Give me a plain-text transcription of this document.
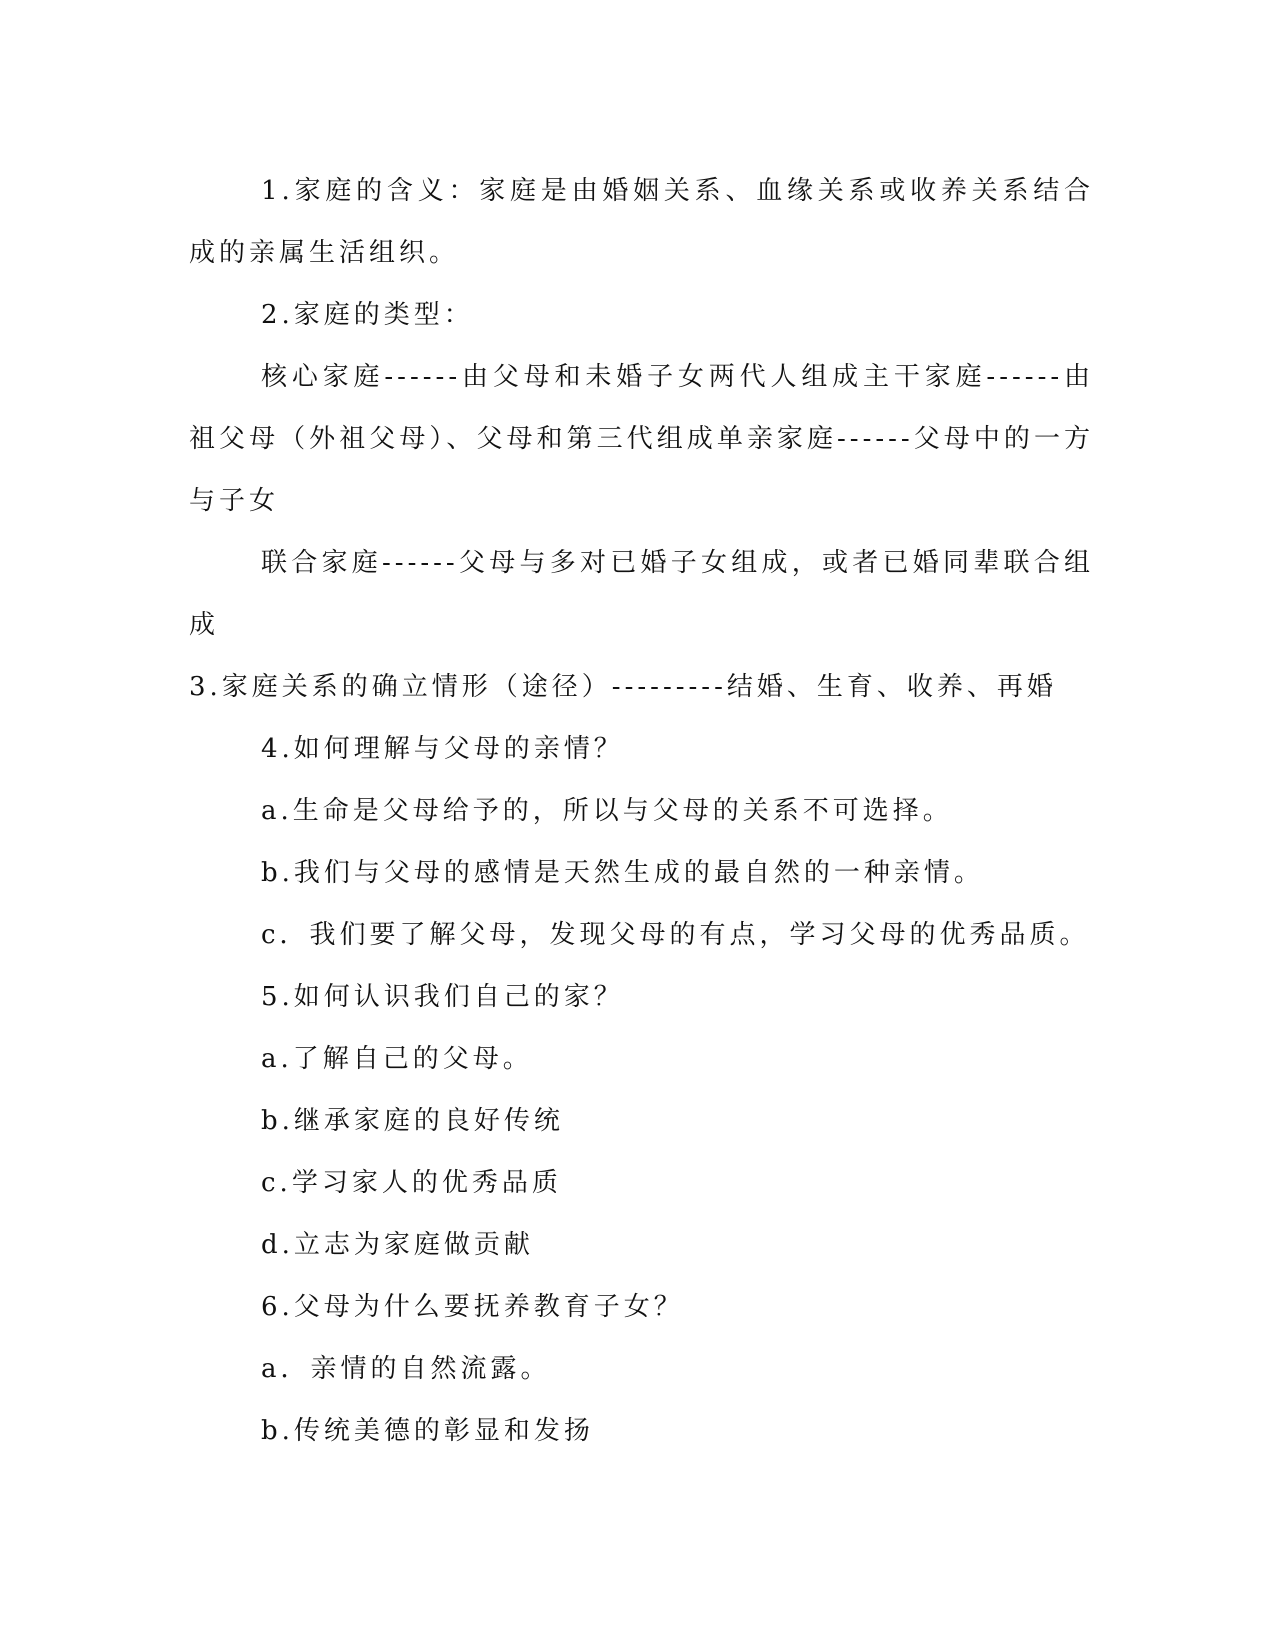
1.家庭的含义：家庭是由婚姻关系、血缘关系或收养关系结合成的亲属生活组织。

2.家庭的类型：

核心家庭------由父母和未婚子女两代人组成主干家庭------由祖父母（外祖父母）、父母和第三代组成单亲家庭------父母中的一方与子女

联合家庭------父母与多对已婚子女组成，或者已婚同辈联合组成

3.家庭关系的确立情形（途径）---------结婚、生育、收养、再婚

4.如何理解与父母的亲情？

a.生命是父母给予的，所以与父母的关系不可选择。

b.我们与父母的感情是天然生成的最自然的一种亲情。

c．我们要了解父母，发现父母的有点，学习父母的优秀品质。

5.如何认识我们自己的家？

a.了解自己的父母。

b.继承家庭的良好传统

c.学习家人的优秀品质

d.立志为家庭做贡献

6.父母为什么要抚养教育子女？

a．亲情的自然流露。

b.传统美德的彰显和发扬
